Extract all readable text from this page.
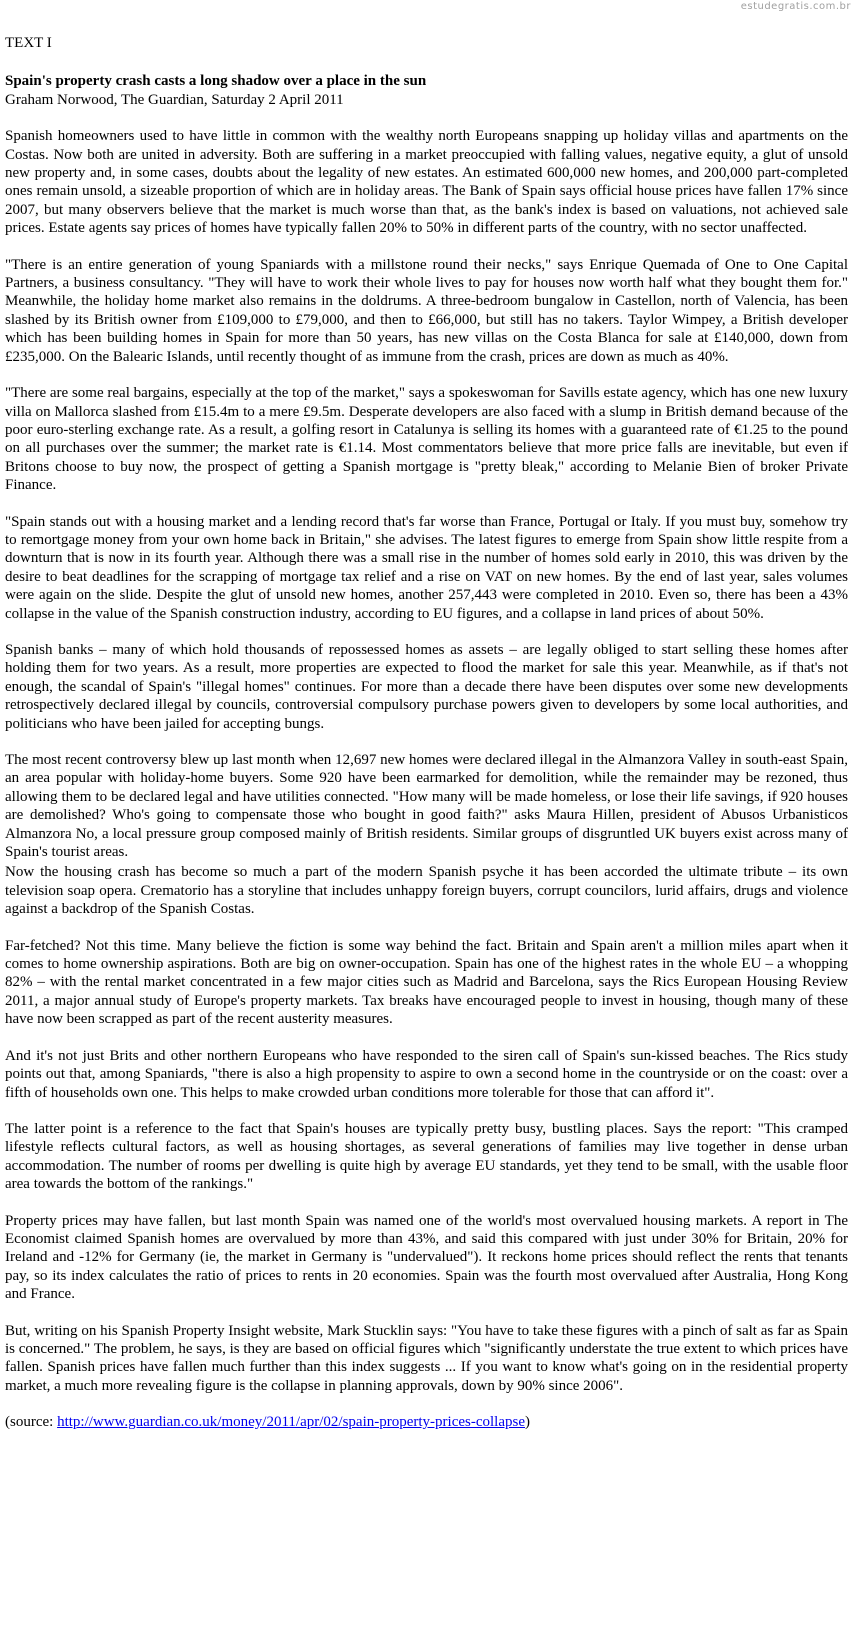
estudegratis.com.br

TEXT I

Spain's property crash casts a long shadow over a place in the sun

Graham Norwood, The Guardian, Saturday 2 April 2011

Spanish homeowners used to have little in common with the wealthy north Europeans snapping up holiday villas and apartments on the Costas. Now both are united in adversity. Both are suffering in a market preoccupied with falling values, negative equity, a glut of unsold new property and, in some cases, doubts about the legality of new estates. An estimated 600,000 new homes, and 200,000 part-completed ones remain unsold, a sizeable proportion of which are in holiday areas. The Bank of Spain says official house prices have fallen 17% since 2007, but many observers believe that the market is much worse than that, as the bank's index is based on valuations, not achieved sale prices. Estate agents say prices of homes have typically fallen 20% to 50% in different parts of the country, with no sector unaffected.

"There is an entire generation of young Spaniards with a millstone round their necks," says Enrique Quemada of One to One Capital Partners, a business consultancy. "They will have to work their whole lives to pay for houses now worth half what they bought them for." Meanwhile, the holiday home market also remains in the doldrums. A three-bedroom bungalow in Castellon, north of Valencia, has been slashed by its British owner from £109,000 to £79,000, and then to £66,000, but still has no takers. Taylor Wimpey, a British developer which has been building homes in Spain for more than 50 years, has new villas on the Costa Blanca for sale at £140,000, down from £235,000. On the Balearic Islands, until recently thought of as immune from the crash, prices are down as much as 40%.

"There are some real bargains, especially at the top of the market," says a spokeswoman for Savills estate agency, which has one new luxury villa on Mallorca slashed from £15.4m to a mere £9.5m. Desperate developers are also faced with a slump in British demand because of the poor euro-sterling exchange rate. As a result, a golfing resort in Catalunya is selling its homes with a guaranteed rate of €1.25 to the pound on all purchases over the summer; the market rate is €1.14. Most commentators believe that more price falls are inevitable, but even if Britons choose to buy now, the prospect of getting a Spanish mortgage is "pretty bleak," according to Melanie Bien of broker Private Finance.

"Spain stands out with a housing market and a lending record that's far worse than France, Portugal or Italy. If you must buy, somehow try to remortgage money from your own home back in Britain," she advises. The latest figures to emerge from Spain show little respite from a downturn that is now in its fourth year. Although there was a small rise in the number of homes sold early in 2010, this was driven by the desire to beat deadlines for the scrapping of mortgage tax relief and a rise on VAT on new homes. By the end of last year, sales volumes were again on the slide. Despite the glut of unsold new homes, another 257,443 were completed in 2010. Even so, there has been a 43% collapse in the value of the Spanish construction industry, according to EU figures, and a collapse in land prices of about 50%.

Spanish banks – many of which hold thousands of repossessed homes as assets – are legally obliged to start selling these homes after holding them for two years. As a result, more properties are expected to flood the market for sale this year. Meanwhile, as if that's not enough, the scandal of Spain's "illegal homes" continues. For more than a decade there have been disputes over some new developments retrospectively declared illegal by councils, controversial compulsory purchase powers given to developers by some local authorities, and politicians who have been jailed for accepting bungs.

The most recent controversy blew up last month when 12,697 new homes were declared illegal in the Almanzora Valley in south-east Spain, an area popular with holiday-home buyers. Some 920 have been earmarked for demolition, while the remainder may be rezoned, thus allowing them to be declared legal and have utilities connected. "How many will be made homeless, or lose their life savings, if 920 houses are demolished? Who's going to compensate those who bought in good faith?" asks Maura Hillen, president of Abusos Urbanisticos Almanzora No, a local pressure group composed mainly of British residents. Similar groups of disgruntled UK buyers exist across many of Spain's tourist areas.

Now the housing crash has become so much a part of the modern Spanish psyche it has been accorded the ultimate tribute – its own television soap opera. Crematorio has a storyline that includes unhappy foreign buyers, corrupt councilors, lurid affairs, drugs and violence against a backdrop of the Spanish Costas.

Far-fetched? Not this time. Many believe the fiction is some way behind the fact. Britain and Spain aren't a million miles apart when it comes to home ownership aspirations. Both are big on owner-occupation. Spain has one of the highest rates in the whole EU – a whopping 82% – with the rental market concentrated in a few major cities such as Madrid and Barcelona, says the Rics European Housing Review 2011, a major annual study of Europe's property markets. Tax breaks have encouraged people to invest in housing, though many of these have now been scrapped as part of the recent austerity measures.

And it's not just Brits and other northern Europeans who have responded to the siren call of Spain's sun-kissed beaches. The Rics study points out that, among Spaniards, "there is also a high propensity to aspire to own a second home in the countryside or on the coast: over a fifth of households own one. This helps to make crowded urban conditions more tolerable for those that can afford it".

The latter point is a reference to the fact that Spain's houses are typically pretty busy, bustling places. Says the report: "This cramped lifestyle reflects cultural factors, as well as housing shortages, as several generations of families may live together in dense urban accommodation. The number of rooms per dwelling is quite high by average EU standards, yet they tend to be small, with the usable floor area towards the bottom of the rankings."

Property prices may have fallen, but last month Spain was named one of the world's most overvalued housing markets. A report in The Economist claimed Spanish homes are overvalued by more than 43%, and said this compared with just under 30% for Britain, 20% for Ireland and -12% for Germany (ie, the market in Germany is "undervalued"). It reckons home prices should reflect the rents that tenants pay, so its index calculates the ratio of prices to rents in 20 economies. Spain was the fourth most overvalued after Australia, Hong Kong and France.

But, writing on his Spanish Property Insight website, Mark Stucklin says: "You have to take these figures with a pinch of salt as far as Spain is concerned." The problem, he says, is they are based on official figures which "significantly understate the true extent to which prices have fallen. Spanish prices have fallen much further than this index suggests ... If you want to know what's going on in the residential property market, a much more revealing figure is the collapse in planning approvals, down by 90% since 2006".

(source: http://www.guardian.co.uk/money/2011/apr/02/spain-property-prices-collapse)
